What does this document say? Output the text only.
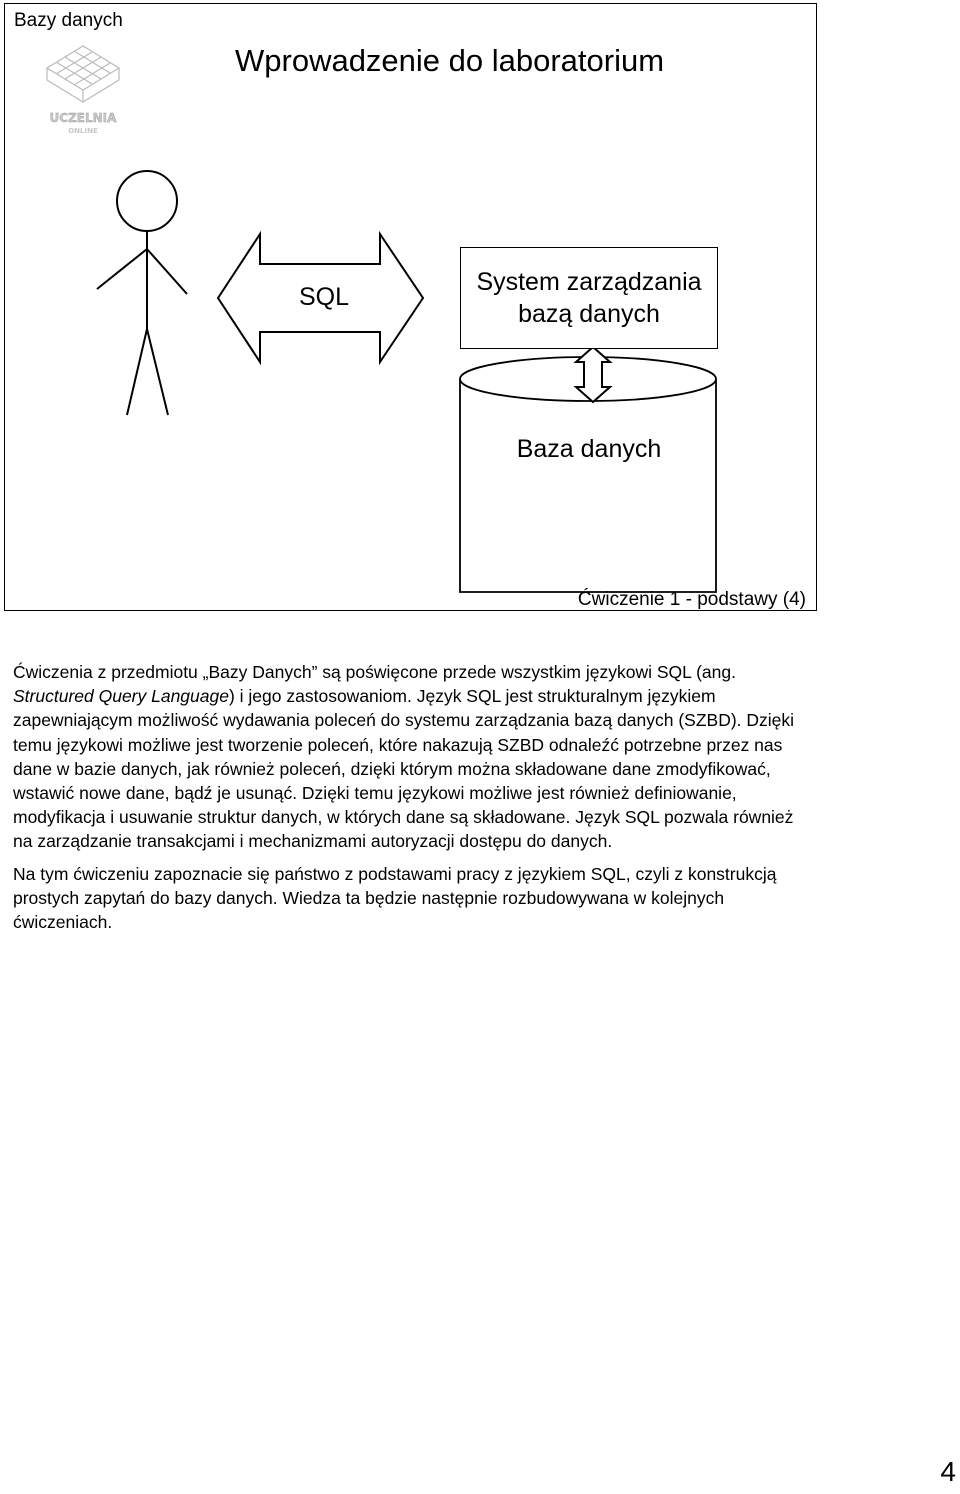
Bazy danych
UCZELNIA
ONLINE
Wprowadzenie do laboratorium
SQL
System zarządzania bazą danych
Baza danych
Ćwiczenie 1 - podstawy (4)

Ćwiczenia z przedmiotu „Bazy Danych” są poświęcone przede wszystkim językowi SQL (ang. Structured Query Language) i jego zastosowaniom. Język SQL jest strukturalnym językiem zapewniającym możliwość wydawania poleceń do systemu zarządzania bazą danych (SZBD). Dzięki temu językowi możliwe jest tworzenie poleceń, które nakazują SZBD odnaleźć potrzebne przez nas dane w bazie danych, jak również poleceń, dzięki którym można składowane dane zmodyfikować, wstawić nowe dane, bądź je usunąć. Dzięki temu językowi możliwe jest również definiowanie, modyfikacja i usuwanie struktur danych, w których dane są składowane. Język SQL pozwala również na zarządzanie transakcjami i mechanizmami autoryzacji dostępu do danych.

Na tym ćwiczeniu zapoznacie się państwo z podstawami pracy z językiem SQL, czyli z konstrukcją prostych zapytań do bazy danych. Wiedza ta będzie następnie rozbudowywana w kolejnych ćwiczeniach.

4
